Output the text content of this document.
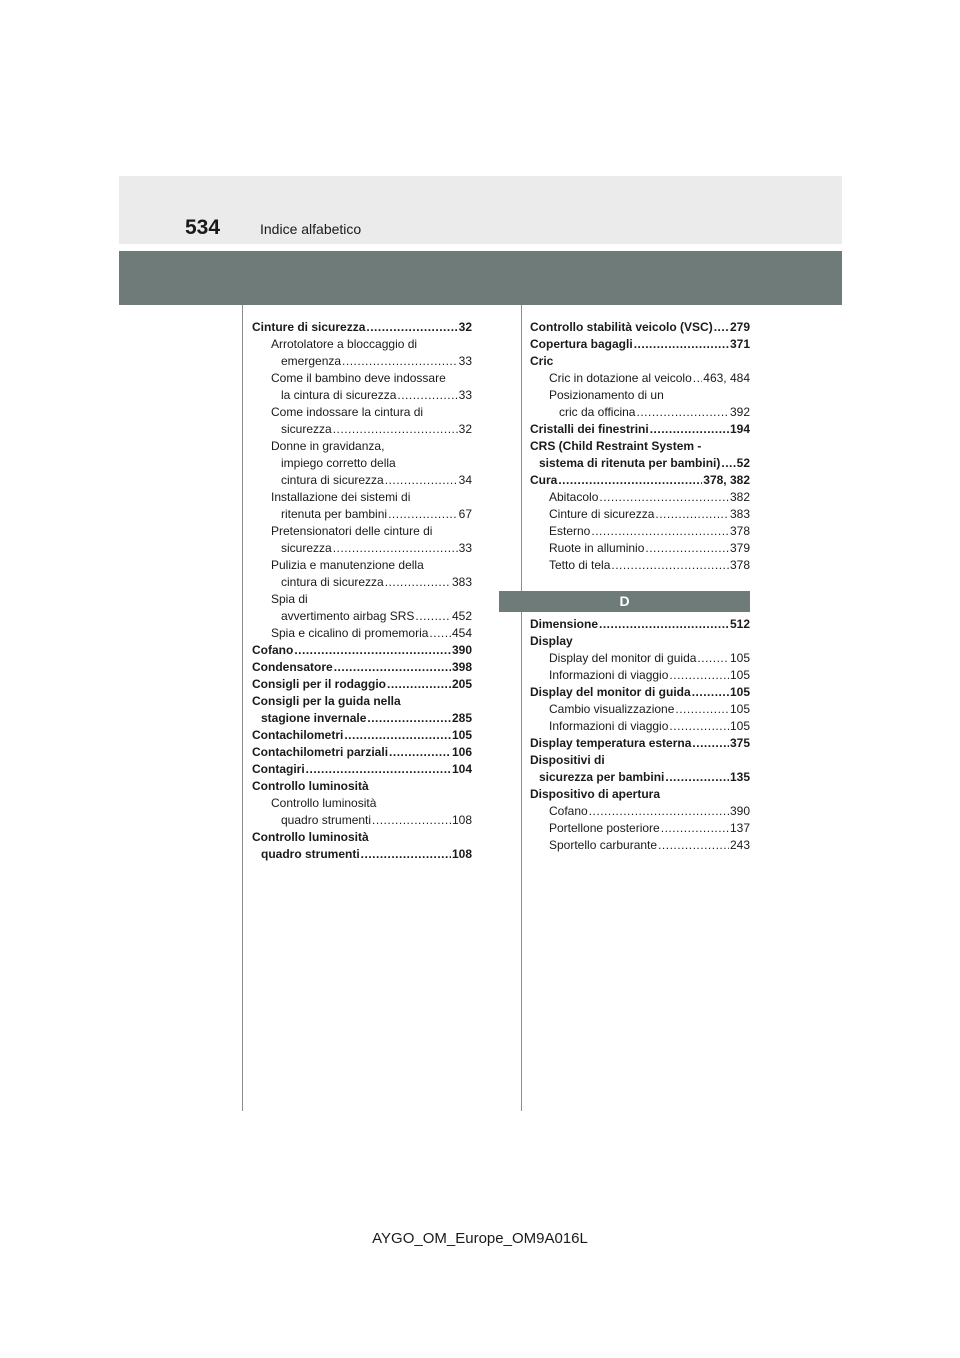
534	Indice alfabetico
Cinture di sicurezza .....	32
Arrotolatore a bloccaggio di
emergenza .....	33
Come il bambino deve indossare
la cintura di sicurezza .....	33
Come indossare la cintura di
sicurezza .....	32
Donne in gravidanza,
impiego corretto della
cintura di sicurezza .....	34
Installazione dei sistemi di
ritenuta per bambini .....	67
Pretensionatori delle cinture di
sicurezza .....	33
Pulizia e manutenzione della
cintura di sicurezza .....	383
Spia di
avvertimento airbag SRS .....	452
Spia e cicalino di promemoria ..... 454
Cofano .....	390
Condensatore .....	398
Consigli per il rodaggio .....	205
Consigli per la guida nella
stagione invernale .....	285
Contachilometri .....	105
Contachilometri parziali .....	106
Contagiri .....	104
Controllo luminosità
Controllo luminosità
quadro strumenti .....	108
Controllo luminosità
quadro strumenti .....	108
Controllo stabilità veicolo (VSC) ..... 279
Copertura bagagli .....	371
Cric
Cric in dotazione al veicolo ..... 463, 484
Posizionamento di un
cric da officina .....	392
Cristalli dei finestrini .....	194
CRS (Child Restraint System -
sistema di ritenuta per bambini) ..... 52
Cura .....	378, 382
Abitacolo .....	382
Cinture di sicurezza .....	383
Esterno .....	378
Ruote in alluminio .....	379
Tetto di tela .....	378
D
Dimensione .....	512
Display
Display del monitor di guida .....	105
Informazioni di viaggio .....	105
Display del monitor di guida .....	105
Cambio visualizzazione .....	105
Informazioni di viaggio .....	105
Display temperatura esterna .....	375
Dispositivi di
sicurezza per bambini .....	135
Dispositivo di apertura
Cofano .....	390
Portellone posteriore .....	137
Sportello carburante .....	243
AYGO_OM_Europe_OM9A016L
